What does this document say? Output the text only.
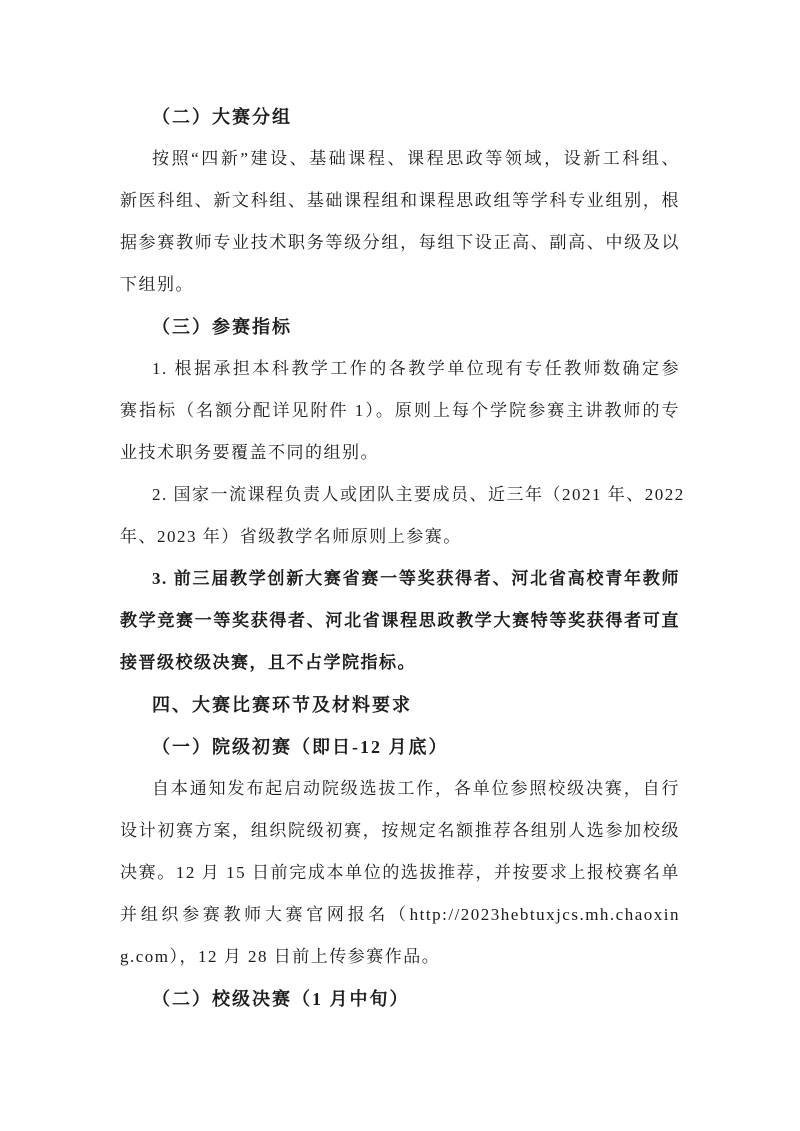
（二）大赛分组
按照“四新”建设、基础课程、课程思政等领域，设新工科组、
新医科组、新文科组、基础课程组和课程思政组等学科专业组别，根
据参赛教师专业技术职务等级分组，每组下设正高、副高、中级及以
下组别。
（三）参赛指标
1. 根据承担本科教学工作的各教学单位现有专任教师数确定参
赛指标（名额分配详见附件 1）。原则上每个学院参赛主讲教师的专
业技术职务要覆盖不同的组别。
2. 国家一流课程负责人或团队主要成员、近三年（2021 年、2022
年、2023 年）省级教学名师原则上参赛。
3. 前三届教学创新大赛省赛一等奖获得者、河北省高校青年教师
教学竞赛一等奖获得者、河北省课程思政教学大赛特等奖获得者可直
接晋级校级决赛，且不占学院指标。
四、大赛比赛环节及材料要求
（一）院级初赛（即日-12 月底）
自本通知发布起启动院级选拔工作，各单位参照校级决赛，自行
设计初赛方案，组织院级初赛，按规定名额推荐各组别人选参加校级
决赛。12 月 15 日前完成本单位的选拔推荐，并按要求上报校赛名单
并组织参赛教师大赛官网报名（http://2023hebtuxjcs.mh.chaoxin
g.com），12 月 28 日前上传参赛作品。
（二）校级决赛（1 月中旬）
